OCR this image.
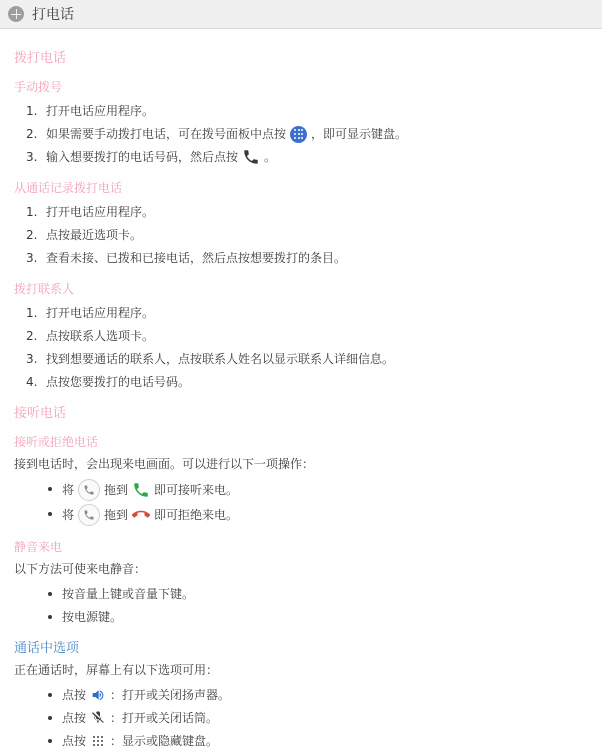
打电话
拨打电话
手动拨号
打开电话应用程序。
如果需要手动拨打电话，可在拨号面板中点按 ，即可显示键盘。
输入想要拨打的电话号码，然后点按 。
从通话记录拨打电话
打开电话应用程序。
点按最近选项卡。
查看未接、已拨和已接电话，然后点按想要拨打的条目。
拨打联系人
打开电话应用程序。
点按联系人选项卡。
找到想要通话的联系人，点按联系人姓名以显示联系人详细信息。
点按您要拨打的电话号码。
接听电话
接听或拒绝电话

接到电话时，会出现来电画面。可以进行以下一项操作：

将	拖到 即可接听来电。
将	拖到 即可拒绝来电。
静音来电

以下方法可使来电静音：

按音量上键或音量下键。
按电源键。
通话中选项

正在通话时，屏幕上有以下选项可用：

点按 ：打开或关闭扬声器。
点按 ：打开或关闭话筒。
点按 ：显示或隐藏键盘。
